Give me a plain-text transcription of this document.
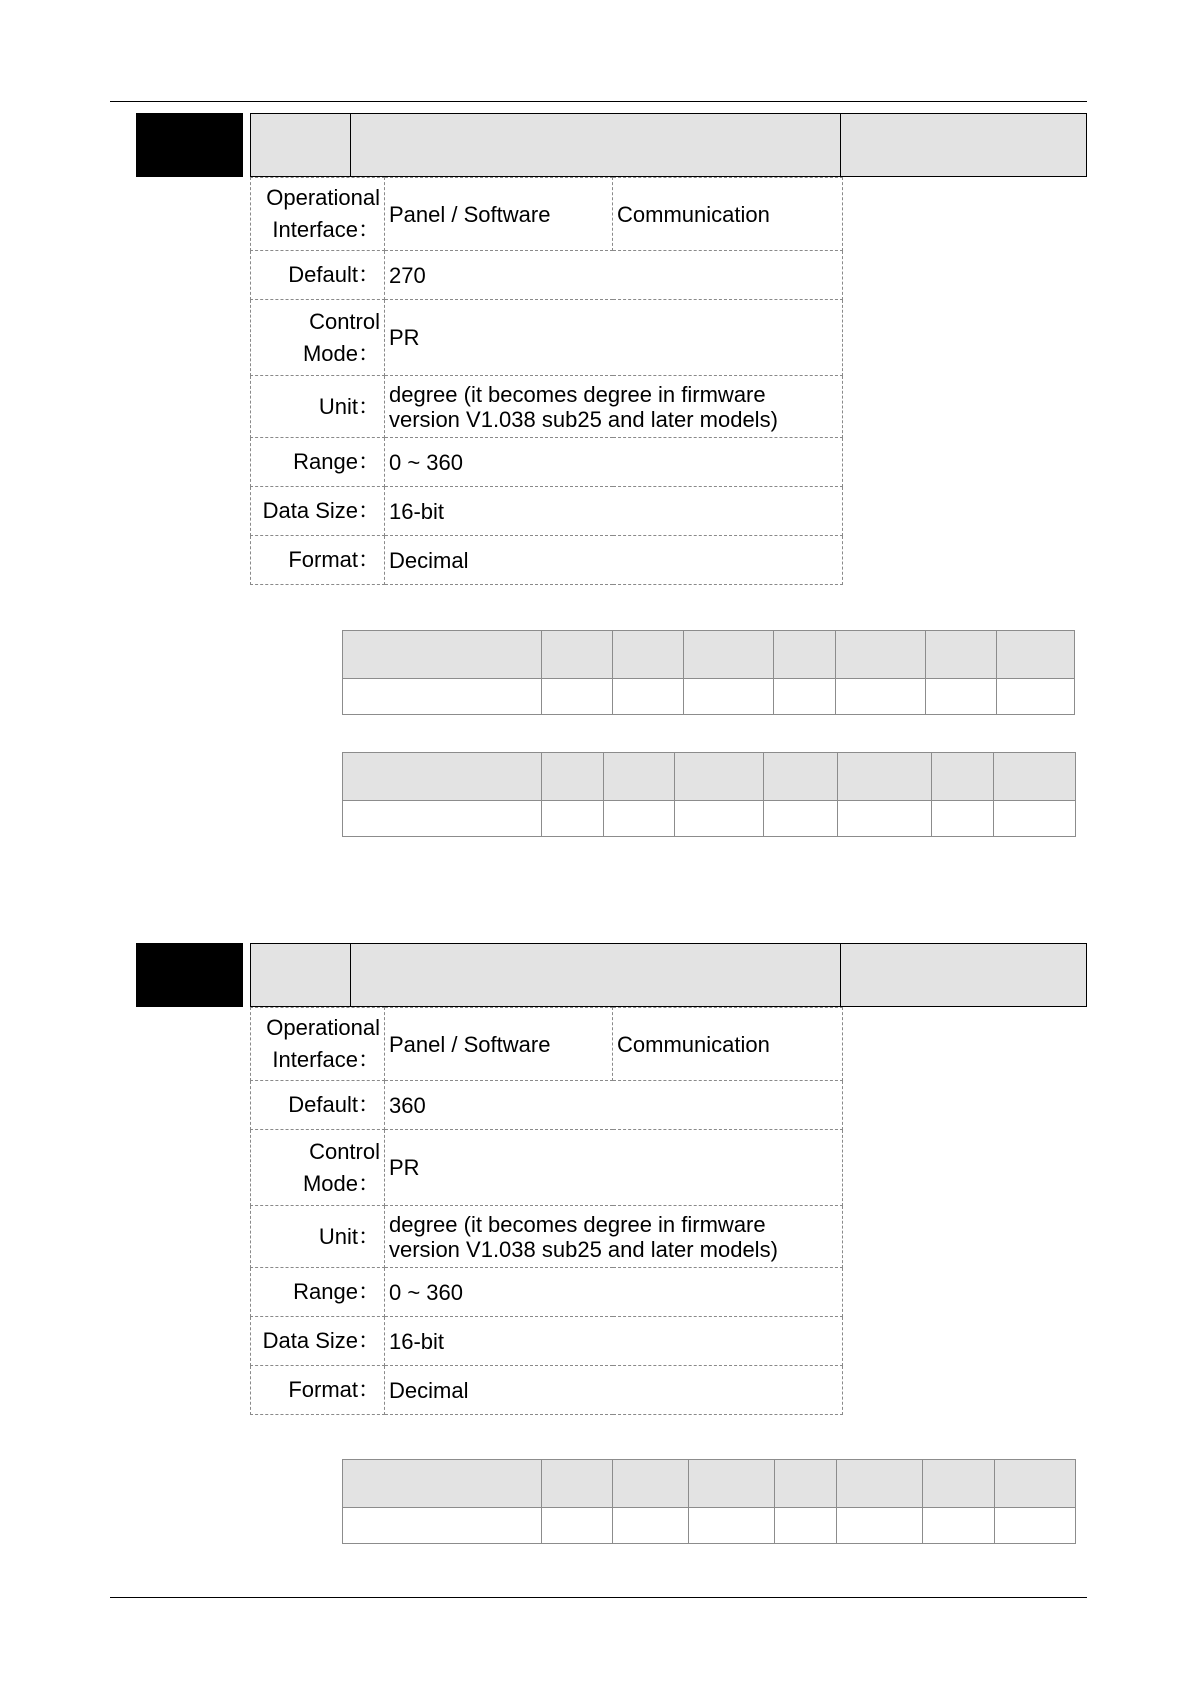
Operational Interface：	Panel / Software	Communication
Default：	270	
Control Mode：	PR	
Unit：	degree (it becomes degree in firmware version V1.038 sub25 and later models)	
Range：	0 ~ 360	
Data Size：	16-bit	
Format：	Decimal	

Operational Interface：	Panel / Software	Communication
Default：	360	
Control Mode：	PR	
Unit：	degree (it becomes degree in firmware version V1.038 sub25 and later models)	
Range：	0 ~ 360	
Data Size：	16-bit	
Format：	Decimal	
